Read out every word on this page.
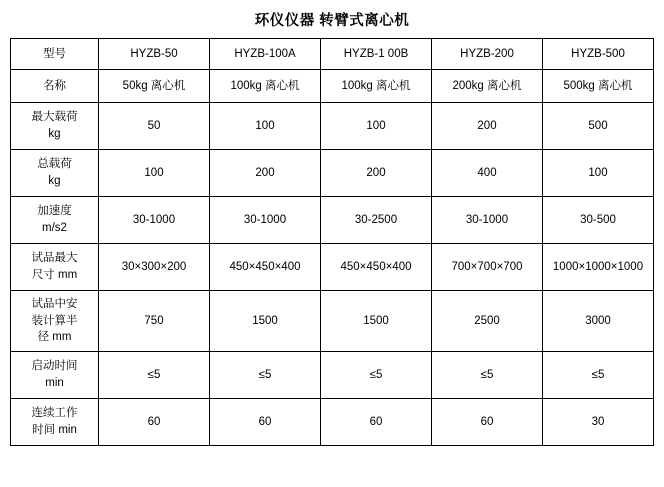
环仪仪器 转臂式离心机
型号	HYZB-50	HYZB-100A	HYZB-1 00B	HYZB-200	HYZB-500
名称	50kg 离心机	100kg 离心机	100kg 离心机	200kg 离心机	500kg 离心机

最大载荷
kg	50	100	100	200	500

总载荷
kg	100	200	200	400	100

加速度
m/s2	30-1000	30-1000	30-2500	30-1000	30-500

试品最大
尺寸 mm	30×300×200	450×450×400	450×450×400	700×700×700	1000×1000×1000

试品中安
装计算半
径 mm	750	1500	1500	2500	3000

启动时间
min	≤5	≤5	≤5	≤5	≤5

连续工作
时间 min	60	60	60	60	30
